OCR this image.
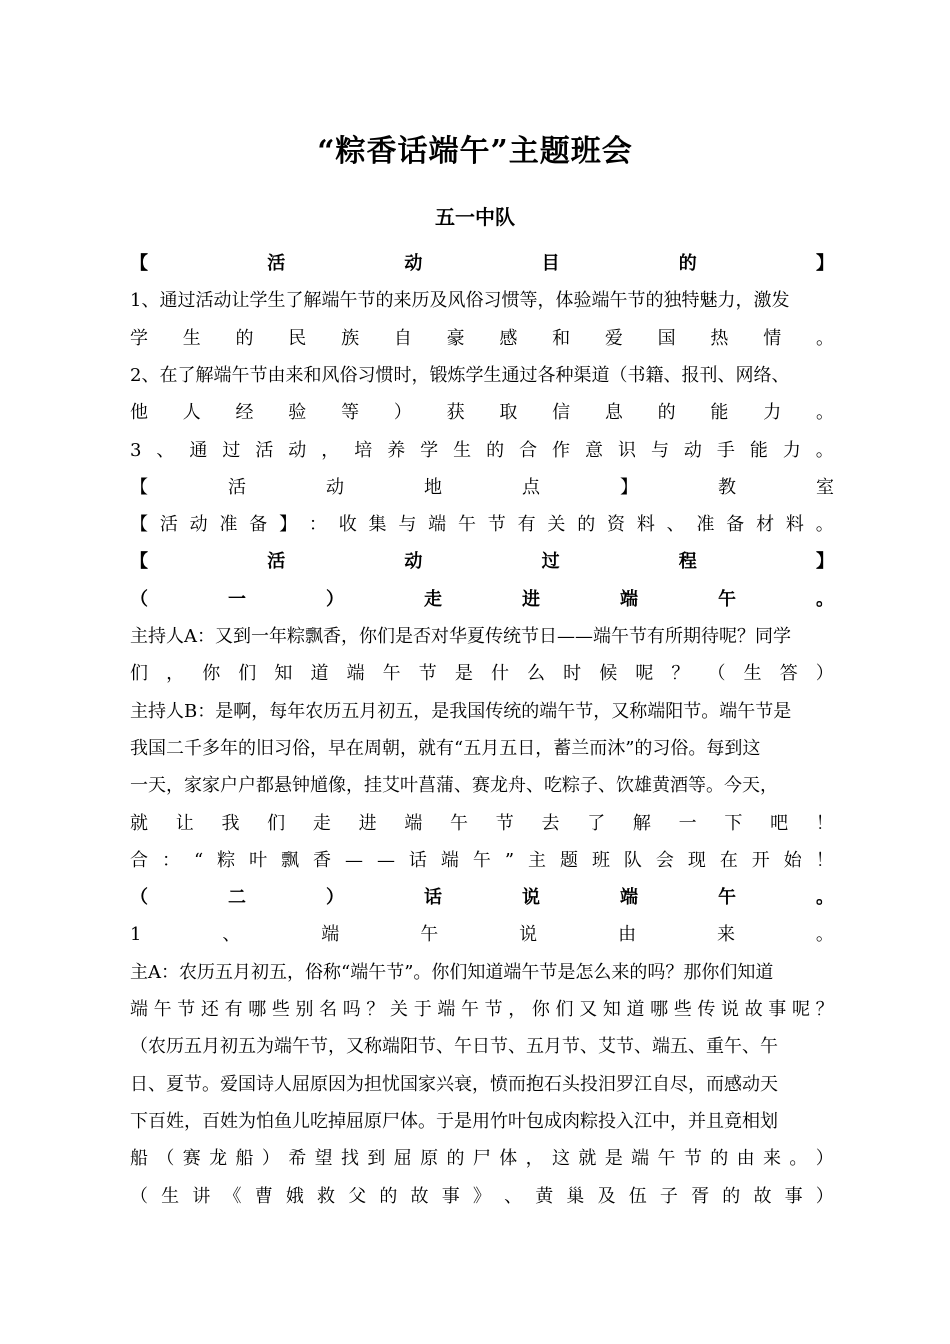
“粽香话端午”主题班会
五一中队
【	活	动	目	的	】
1、通过活动让学生了解端午节的来历及风俗习惯等，体验端午节的独特魅力，激发
学 生 的 民 族 自 豪 感 和 爱 国 热 情 。
2、在了解端午节由来和风俗习惯时，锻炼学生通过各种渠道（书籍、报刊、网络、
他 人 经 验 等 ） 获 取 信 息 的 能 力 。
3 、 通 过 活 动 ， 培 养 学 生 的 合 作 意 识 与 动 手 能 力 。
【	活	动	地	点	】	教	室
【 活 动 准 备 】 ： 收 集 与 端 午 节 有 关 的 资 料 、 准 备 材 料 。
【	活	动	过	程	】
（	一	）	走	进	端	午	。
主持人A：又到一年粽飘香，你们是否对华夏传统节日——端午节有所期待呢？同学
们 ， 你 们 知 道 端 午 节 是 什 么 时 候 呢 ？ （ 生 答 ）
主持人B：是啊，每年农历五月初五，是我国传统的端午节，又称端阳节。端午节是
我国二千多年的旧习俗，早在周朝，就有“五月五日，蓄兰而沐”的习俗。每到这
一天，家家户户都悬钟馗像，挂艾叶菖蒲、赛龙舟、吃粽子、饮雄黄酒等。今天，
就 让 我 们 走 进 端 午 节 去 了 解 一 下 吧 ！
合 ： “ 粽 叶 飘 香 — — 话 端 午 ” 主 题 班 队 会 现 在 开 始 ！
（	二	）	话	说	端	午	。
1	、	端	午	说	由	来	。
主A：农历五月初五，俗称“端午节”。你们知道端午节是怎么来的吗？那你们知道
端 午 节 还 有 哪 些 别 名 吗 ？ 关 于 端 午 节 ， 你 们 又 知 道 哪 些 传 说 故 事 呢 ？
（农历五月初五为端午节，又称端阳节、午日节、五月节、艾节、端五、重午、午
日、夏节。爱国诗人屈原因为担忧国家兴衰，愤而抱石头投汨罗江自尽，而感动天
下百姓，百姓为怕鱼儿吃掉屈原尸体。于是用竹叶包成肉粽投入江中，并且竟相划
船 （ 赛 龙 船 ） 希 望 找 到 屈 原 的 尸 体 ， 这 就 是 端 午 节 的 由 来 。 ）
（ 生 讲 《 曹 娥 救 父 的 故 事 》 、 黄 巢 及 伍 子 胥 的 故 事 ）
